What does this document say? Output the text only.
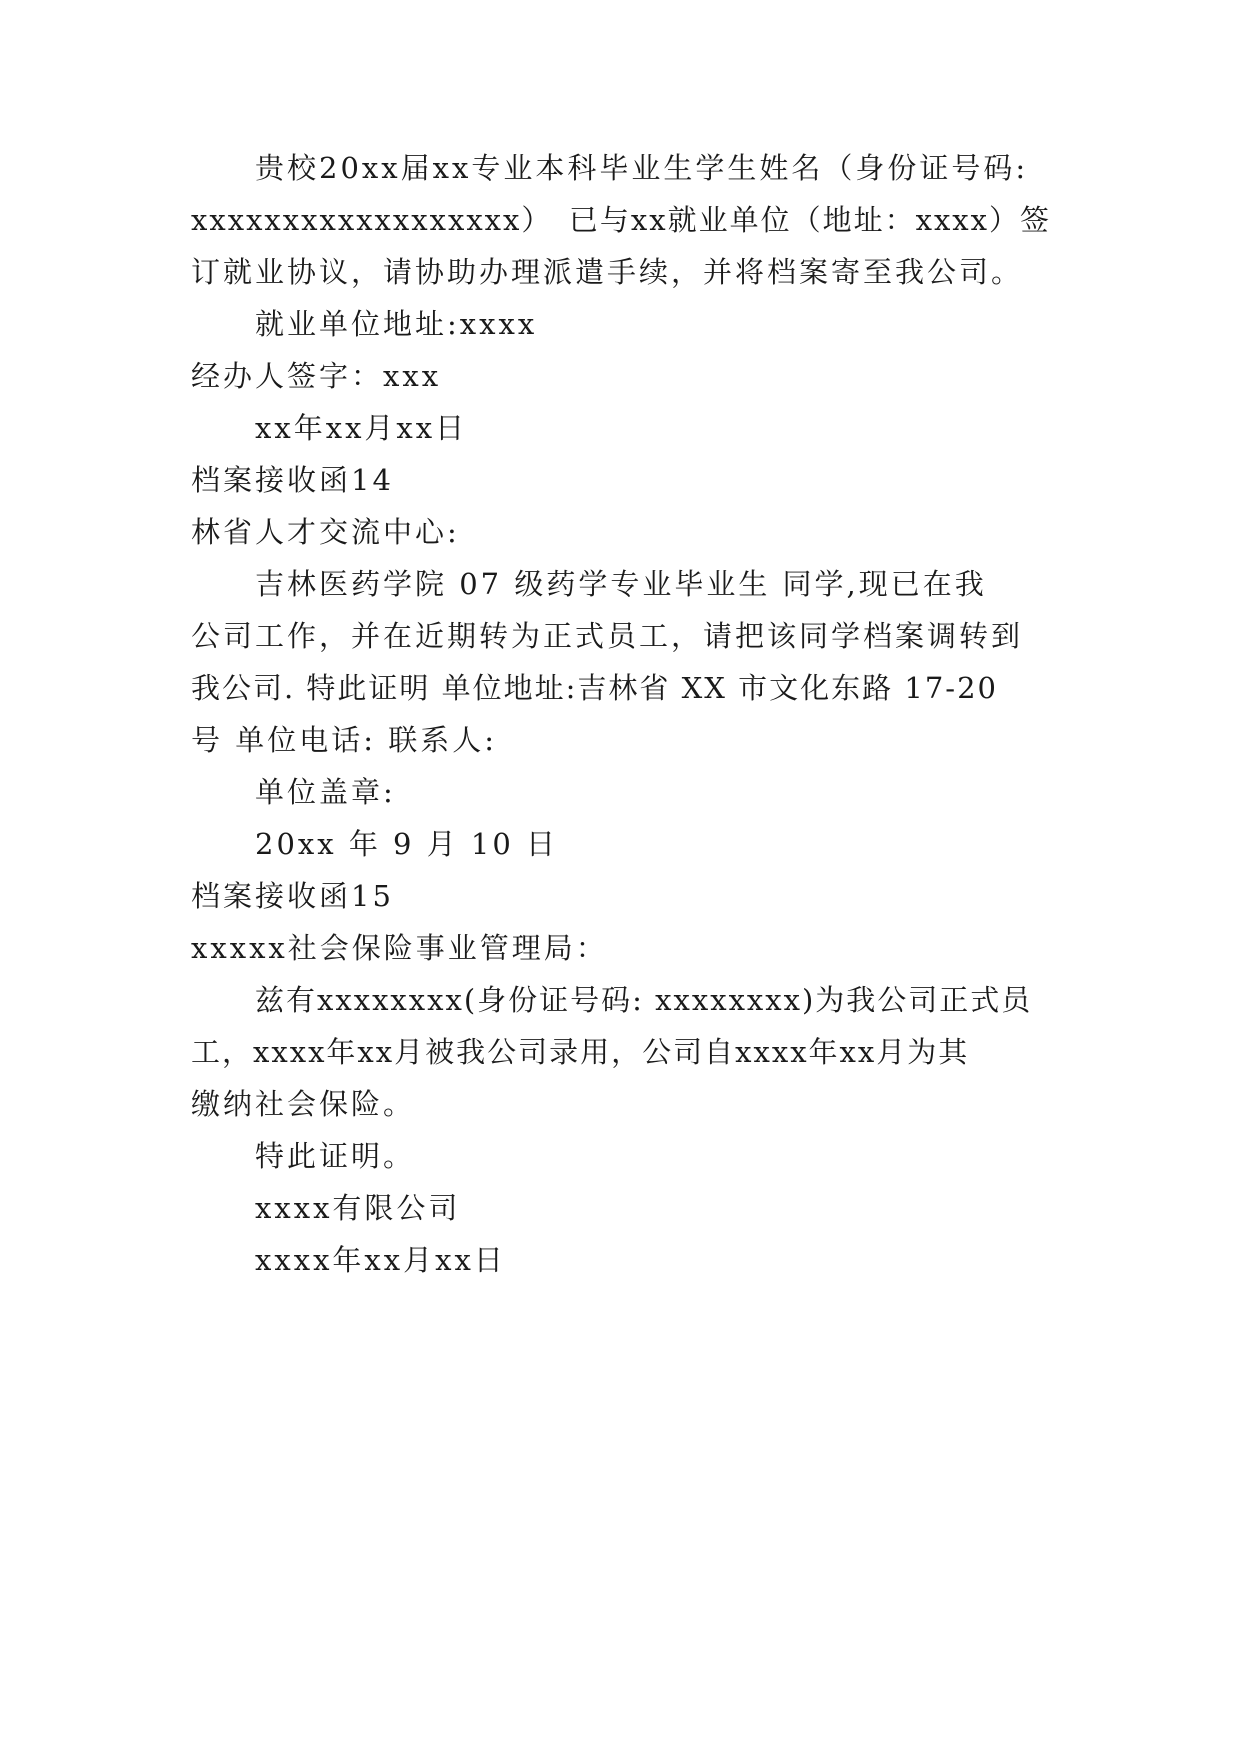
贵校20xx届xx专业本科毕业生学生姓名（身份证号码:
xxxxxxxxxxxxxxxxxx）　已与xx就业单位（地址：xxxx）签
订就业协议，请协助办理派遣手续，并将档案寄至我公司。
就业单位地址:xxxx
经办人签字：xxx
xx年xx月xx日
档案接收函14
林省人才交流中心:
吉林医药学院 07 级药学专业毕业生 同学,现已在我
公司工作，并在近期转为正式员工，请把该同学档案调转到
我公司. 特此证明 单位地址:吉林省 XX 市文化东路 17-20
号 单位电话: 联系人:
单位盖章:
20xx 年 9 月 10 日
档案接收函15
xxxxx社会保险事业管理局：
兹有xxxxxxxx(身份证号码: xxxxxxxx)为我公司正式员
工，xxxx年xx月被我公司录用，公司自xxxx年xx月为其
缴纳社会保险。
特此证明。
xxxx有限公司
xxxx年xx月xx日
